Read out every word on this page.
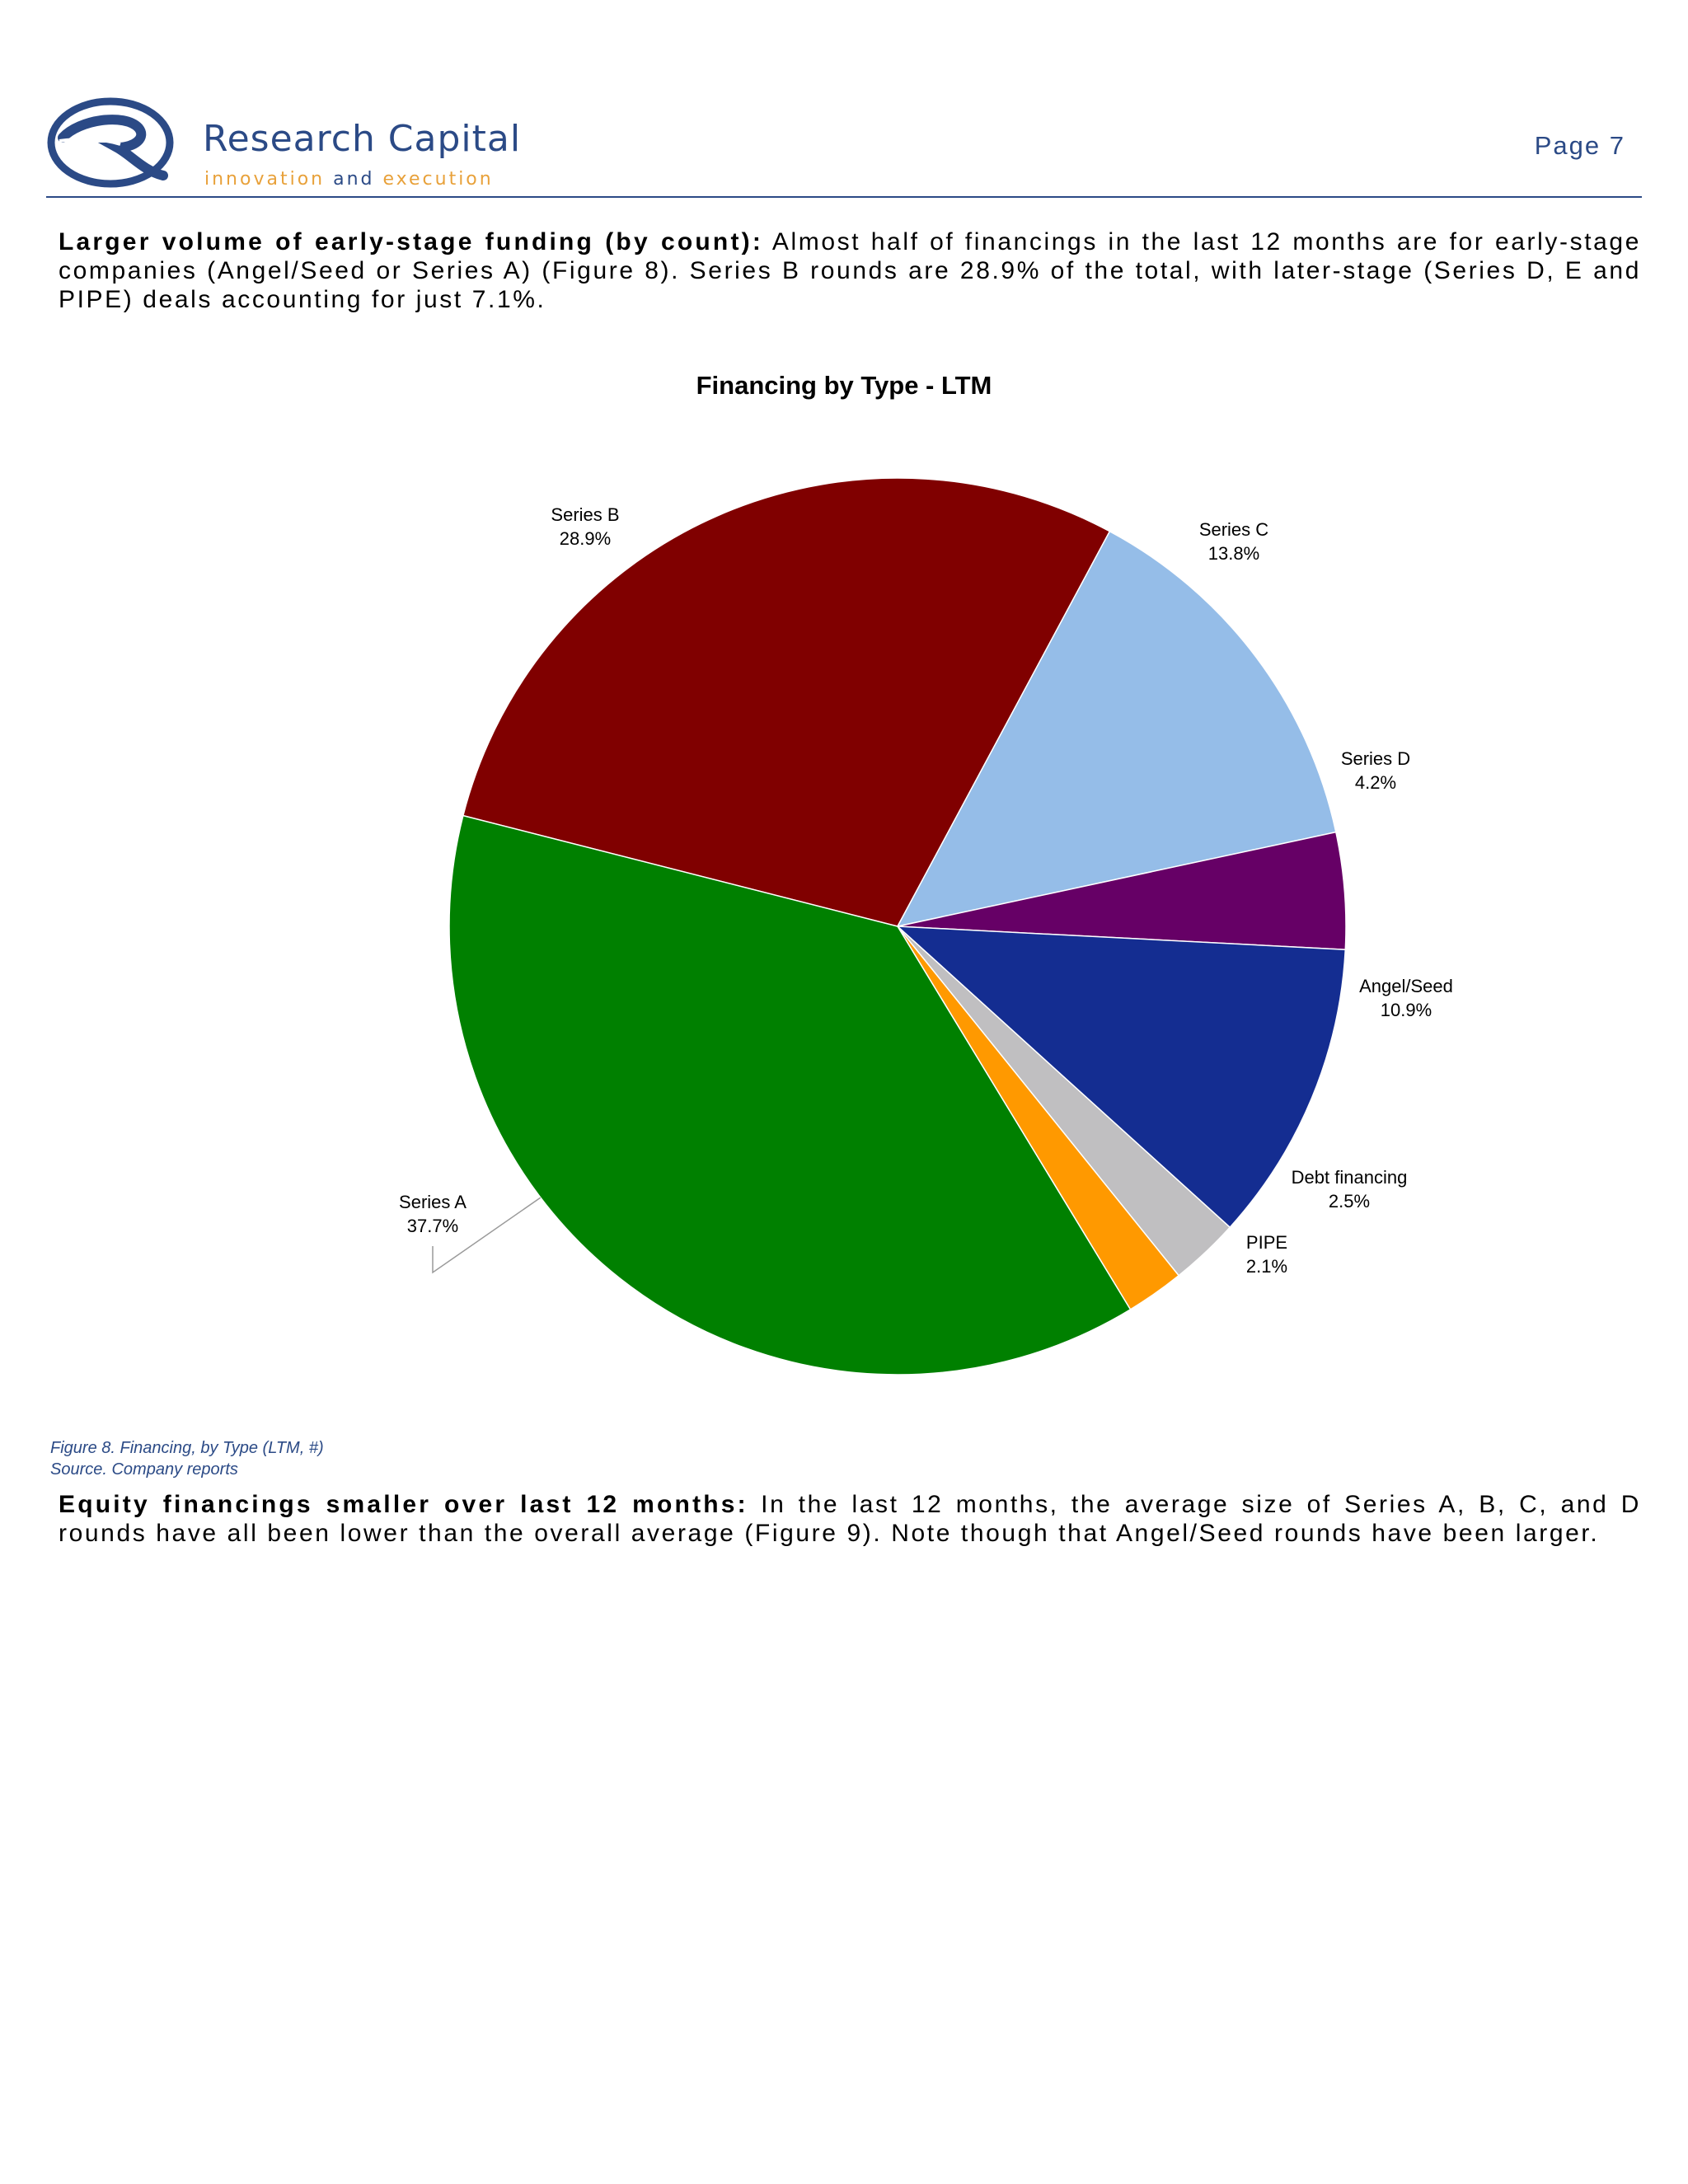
Research Capital
innovation and execution
Page 7
Larger volume of early-stage funding (by count): Almost half of financings in the last 12 months are for early-stage companies (Angel/Seed or Series A) (Figure 8). Series B rounds are 28.9% of the total, with later-stage (Series D, E and PIPE) deals accounting for just 7.1%.
Financing by Type - LTM
Series B
28.9%	Series C
13.8%
Series D
4.2%
Angel/Seed
10.9%
Debt financing
2.5%
PIPE
2.1%
Series A
37.7%
Figure 8. Financing, by Type (LTM, #)
Source. Company reports
Equity financings smaller over last 12 months: In the last 12 months, the average size of Series A, B, C, and D rounds have all been lower than the overall average (Figure 9). Note though that Angel/Seed rounds have been larger.
